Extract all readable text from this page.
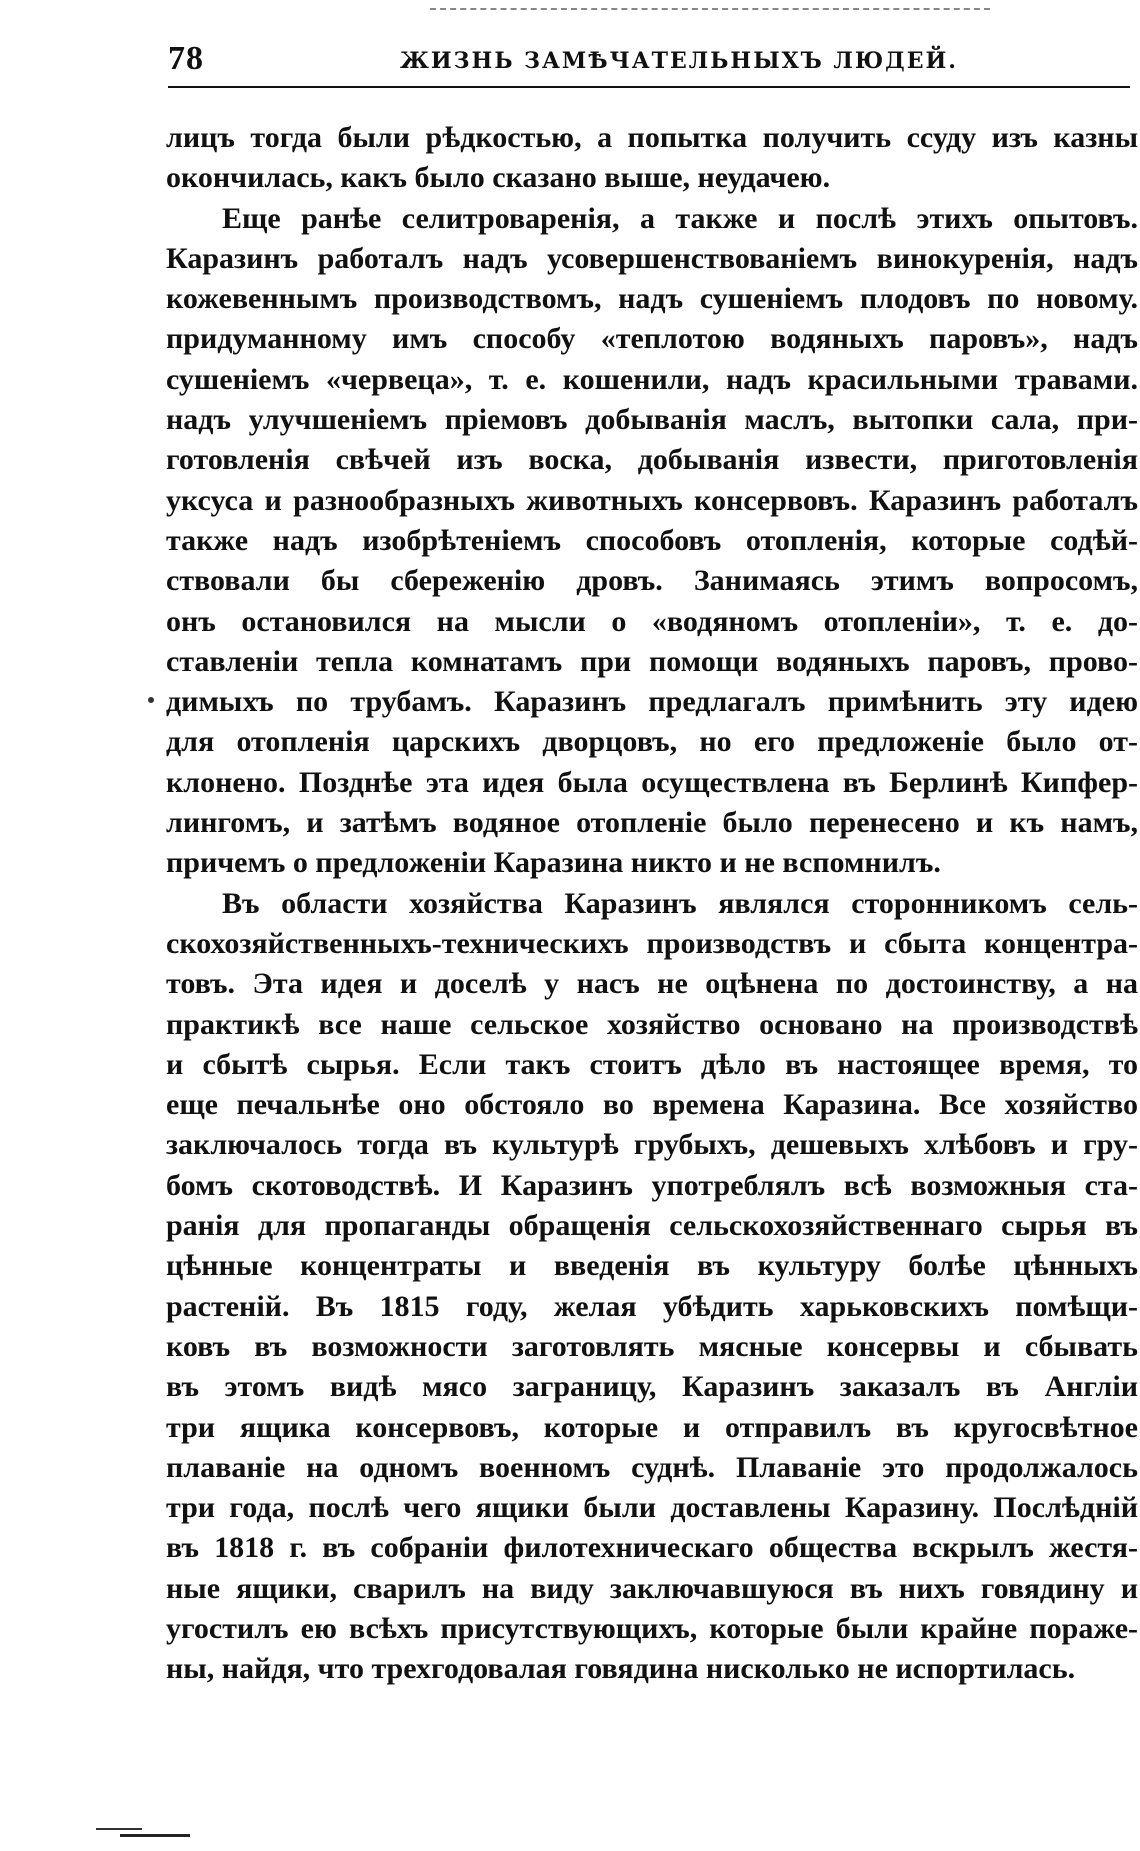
78	ЖИЗНЬ ЗАМѢЧАТЕЛЬНЫХЪ ЛЮДЕЙ.
лицъ тогда были рѣдкостью, а попытка получить ссуду изъ казны
окончилась, какъ было сказано выше, неудачею.
Еще ранѣе селитроваренія, а также и послѣ этихъ опытовъ.
Каразинъ работалъ надъ усовершенствованіемъ винокуренія, надъ
кожевеннымъ производствомъ, надъ сушеніемъ плодовъ по новому.
придуманному имъ способу «теплотою водяныхъ паровъ», надъ
сушеніемъ «червеца», т. е. кошенили, надъ красильными травами.
надъ улучшеніемъ пріемовъ добыванія маслъ, вытопки сала, при-
готовленія свѣчей изъ воска, добыванія извести, приготовленія
уксуса и разнообразныхъ животныхъ консервовъ. Каразинъ работалъ
также надъ изобрѣтеніемъ способовъ отопленія, которые содѣй-
ствовали бы сбереженію дровъ. Занимаясь этимъ вопросомъ,
онъ остановился на мысли о «водяномъ отопленіи», т. е. до-
ставленіи тепла комнатамъ при помощи водяныхъ паровъ, прово-
димыхъ по трубамъ. Каразинъ предлагалъ примѣнить эту идею
для отопленія царскихъ дворцовъ, но его предложеніе было от-
клонено. Позднѣе эта идея была осуществлена въ Берлинѣ Кипфер-
лингомъ, и затѣмъ водяное отопленіе было перенесено и къ намъ,
причемъ о предложеніи Каразина никто и не вспомнилъ.
Въ области хозяйства Каразинъ являлся сторонникомъ сель-
скохозяйственныхъ-техническихъ производствъ и сбыта концентра-
товъ. Эта идея и доселѣ у насъ не оцѣнена по достоинству, а на
практикѣ все наше сельское хозяйство основано на производствѣ
и сбытѣ сырья. Если такъ стоитъ дѣло въ настоящее время, то
еще печальнѣе оно обстояло во времена Каразина. Все хозяйство
заключалось тогда въ культурѣ грубыхъ, дешевыхъ хлѣбовъ и гру-
бомъ скотоводствѣ. И Каразинъ употреблялъ всѣ возможныя ста-
ранія для пропаганды обращенія сельскохозяйственнаго сырья въ
цѣнные концентраты и введенія въ культуру болѣе цѣнныхъ
растеній. Въ 1815 году, желая убѣдить харьковскихъ помѣщи-
ковъ въ возможности заготовлять мясные консервы и сбывать
въ этомъ видѣ мясо заграницу, Каразинъ заказалъ въ Англіи
три ящика консервовъ, которые и отправилъ въ кругосвѣтное
плаваніе на одномъ военномъ суднѣ. Плаваніе это продолжалось
три года, послѣ чего ящики были доставлены Каразину. Послѣдній
въ 1818 г. въ собраніи филотехническаго общества вскрылъ жестя-
ные ящики, сварилъ на виду заключавшуюся въ нихъ говядину и
угостилъ ею всѣхъ присутствующихъ, которые были крайне пораже-
ны, найдя, что трехгодовалая говядина нисколько не испортилась.
